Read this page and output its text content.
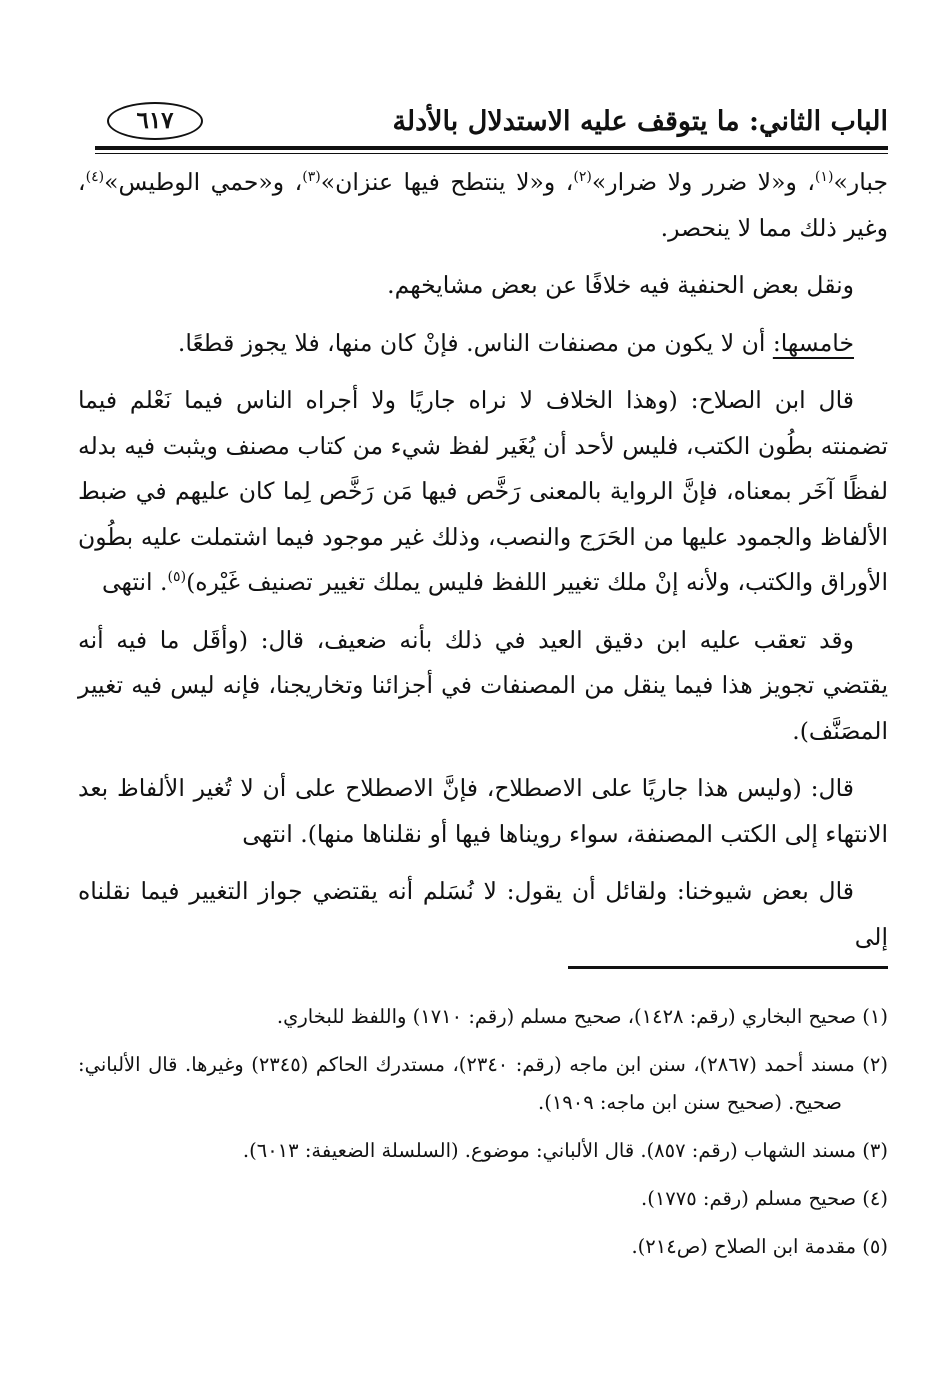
الباب الثاني: ما يتوقف عليه الاستدلال بالأدلة
٦١٧

جبار»$^{(١)}$، و«لا ضرر ولا ضرار»$^{(٢)}$، و«لا ينتطح فيها عنزان»$^{(٣)}$، و«حمي الوطيس»$^{(٤)}$، وغير ذلك مما لا ينحصر.

ونقل بعض الحنفية فيه خلافًا عن بعض مشايخهم.

خامسها: أن لا يكون من مصنفات الناس. فإنْ كان منها، فلا يجوز قطعًا.

قال ابن الصلاح: (وهذا الخلاف لا نراه جاريًا ولا أجراه الناس فيما نَعْلم فيما تضمنته بطُون الكتب، فليس لأحد أن يُغَير لفظ شيء من كتاب مصنف ويثبت فيه بدله لفظًا آخَر بمعناه، فإنَّ الرواية بالمعنى رَخَّص فيها مَن رَخَّص لِما كان عليهم في ضبط الألفاظ والجمود عليها من الحَرَج والنصب، وذلك غير موجود فيما اشتملت عليه بطُون الأوراق والكتب، ولأنه إنْ ملك تغيير اللفظ فليس يملك تغيير تصنيف غَيْره)$^{(٥)}$. انتهى

وقد تعقب عليه ابن دقيق العيد في ذلك بأنه ضعيف، قال: (وأقَل ما فيه أنه يقتضي تجويز هذا فيما ينقل من المصنفات في أجزائنا وتخاريجنا، فإنه ليس فيه تغيير المصَنَّف).

قال: (وليس هذا جاريًا على الاصطلاح، فإنَّ الاصطلاح على أن لا تُغير الألفاظ بعد الانتهاء إلى الكتب المصنفة، سواء رويناها فيها أو نقلناها منها). انتهى

قال بعض شيوخنا: ولقائل أن يقول: لا نُسَلم أنه يقتضي جواز التغيير فيما نقلناه إلى

(١) صحيح البخاري (رقم: ١٤٢٨)، صحيح مسلم (رقم: ١٧١٠) واللفظ للبخاري.

(٢) مسند أحمد (٢٨٦٧)، سنن ابن ماجه (رقم: ٢٣٤٠)، مستدرك الحاكم (٢٣٤٥) وغيرها. قال الألباني: صحيح. (صحيح سنن ابن ماجه: ١٩٠٩).

(٣) مسند الشهاب (رقم: ٨٥٧). قال الألباني: موضوع. (السلسلة الضعيفة: ٦٠١٣).

(٤) صحيح مسلم (رقم: ١٧٧٥).

(٥) مقدمة ابن الصلاح (ص٢١٤).
